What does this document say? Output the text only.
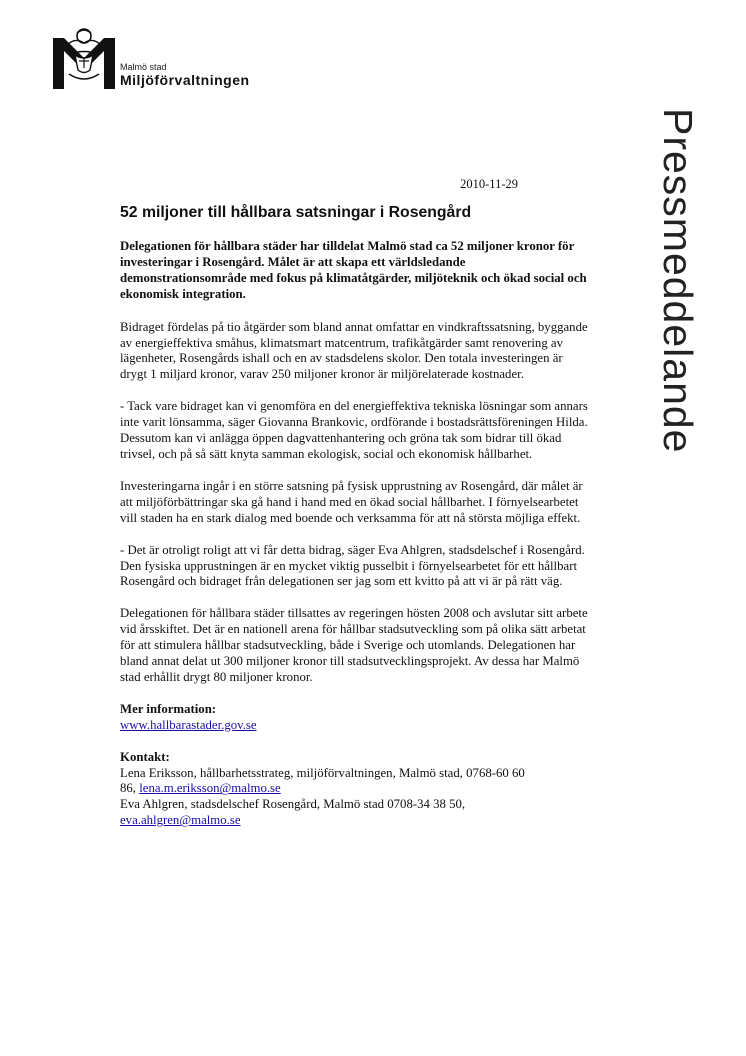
Malmö stad
Miljöförvaltningen
Pressmeddelande
2010-11-29
52 miljoner till hållbara satsningar i Rosengård

Delegationen för hållbara städer har tilldelat Malmö stad ca 52 miljoner kronor för investeringar i Rosengård. Målet är att skapa ett världsledande demonstrationsområde med fokus på klimatåtgärder, miljöteknik och ökad social och ekonomisk integration.

Bidraget fördelas på tio åtgärder som bland annat omfattar en vindkraftssatsning, byggande av energieffektiva småhus, klimatsmart matcentrum, trafikåtgärder samt renovering av lägenheter, Rosengårds ishall och en av stadsdelens skolor. Den totala investeringen är drygt 1 miljard kronor, varav 250 miljoner kronor är miljörelaterade kostnader.

- Tack vare bidraget kan vi genomföra en del energieffektiva tekniska lösningar som annars inte varit lönsamma, säger Giovanna Brankovic, ordförande i bostadsrättsföreningen Hilda. Dessutom kan vi anlägga öppen dagvattenhantering och gröna tak som bidrar till ökad trivsel, och på så sätt knyta samman ekologisk, social och ekonomisk hållbarhet.

Investeringarna ingår i en större satsning på fysisk upprustning av Rosengård, där målet är att miljöförbättringar ska gå hand i hand med en ökad social hållbarhet. I förnyelsearbetet vill staden ha en stark dialog med boende och verksamma för att nå största möjliga effekt.

- Det är otroligt roligt att vi får detta bidrag, säger Eva Ahlgren, stadsdelschef i Rosengård. Den fysiska upprustningen är en mycket viktig pusselbit i förnyelsearbetet för ett hållbart Rosengård och bidraget från delegationen ser jag som ett kvitto på att vi är på rätt väg.

Delegationen för hållbara städer tillsattes av regeringen hösten 2008 och avslutar sitt arbete vid årsskiftet. Det är en nationell arena för hållbar stadsutveckling som på olika sätt arbetat för att stimulera hållbar stadsutveckling, både i Sverige och utomlands. Delegationen har bland annat delat ut 300 miljoner kronor till stadsutvecklingsprojekt. Av dessa har Malmö stad erhållit drygt 80 miljoner kronor.

Mer information:
www.hallbarastader.gov.se
Kontakt:
Lena Eriksson, hållbarhetsstrateg, miljöförvaltningen, Malmö stad, 0768-60 60
86, lena.m.eriksson@malmo.se
Eva Ahlgren, stadsdelschef Rosengård, Malmö stad 0708-34 38 50,
eva.ahlgren@malmo.se
